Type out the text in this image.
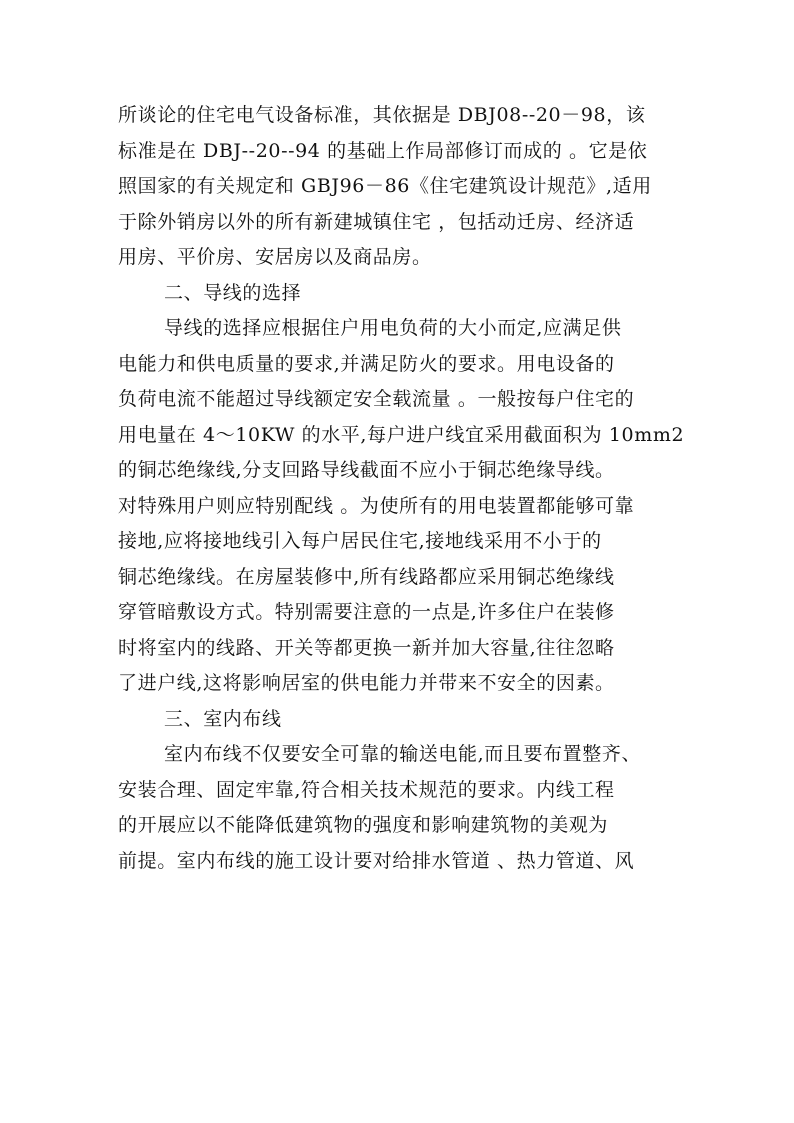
所谈论的住宅电气设备标准，其依据是 DBJ08--20－98，该
标准是在 DBJ--20--94 的基础上作局部修订而成的 。它是依
照国家的有关规定和 GBJ96－86《住宅建筑设计规范》,适用
于除外销房以外的所有新建城镇住宅 ，包括动迁房、经济适
用房、平价房、安居房以及商品房。
二、导线的选择
导线的选择应根据住户用电负荷的大小而定,应满足供
电能力和供电质量的要求,并满足防火的要求。用电设备的
负荷电流不能超过导线额定安全载流量 。一般按每户住宅的
用电量在 4～10KW 的水平,每户进户线宜采用截面积为 10mm2
的铜芯绝缘线,分支回路导线截面不应小于铜芯绝缘导线。
对特殊用户则应特别配线 。为使所有的用电装置都能够可靠
接地,应将接地线引入每户居民住宅,接地线采用不小于的
铜芯绝缘线。在房屋装修中,所有线路都应采用铜芯绝缘线
穿管暗敷设方式。特别需要注意的一点是,许多住户在装修
时将室内的线路、开关等都更换一新并加大容量,往往忽略
了进户线,这将影响居室的供电能力并带来不安全的因素。
三、室内布线
室内布线不仅要安全可靠的输送电能,而且要布置整齐、
安装合理、固定牢靠,符合相关技术规范的要求。内线工程
的开展应以不能降低建筑物的强度和影响建筑物的美观为
前提。室内布线的施工设计要对给排水管道 、热力管道、风
